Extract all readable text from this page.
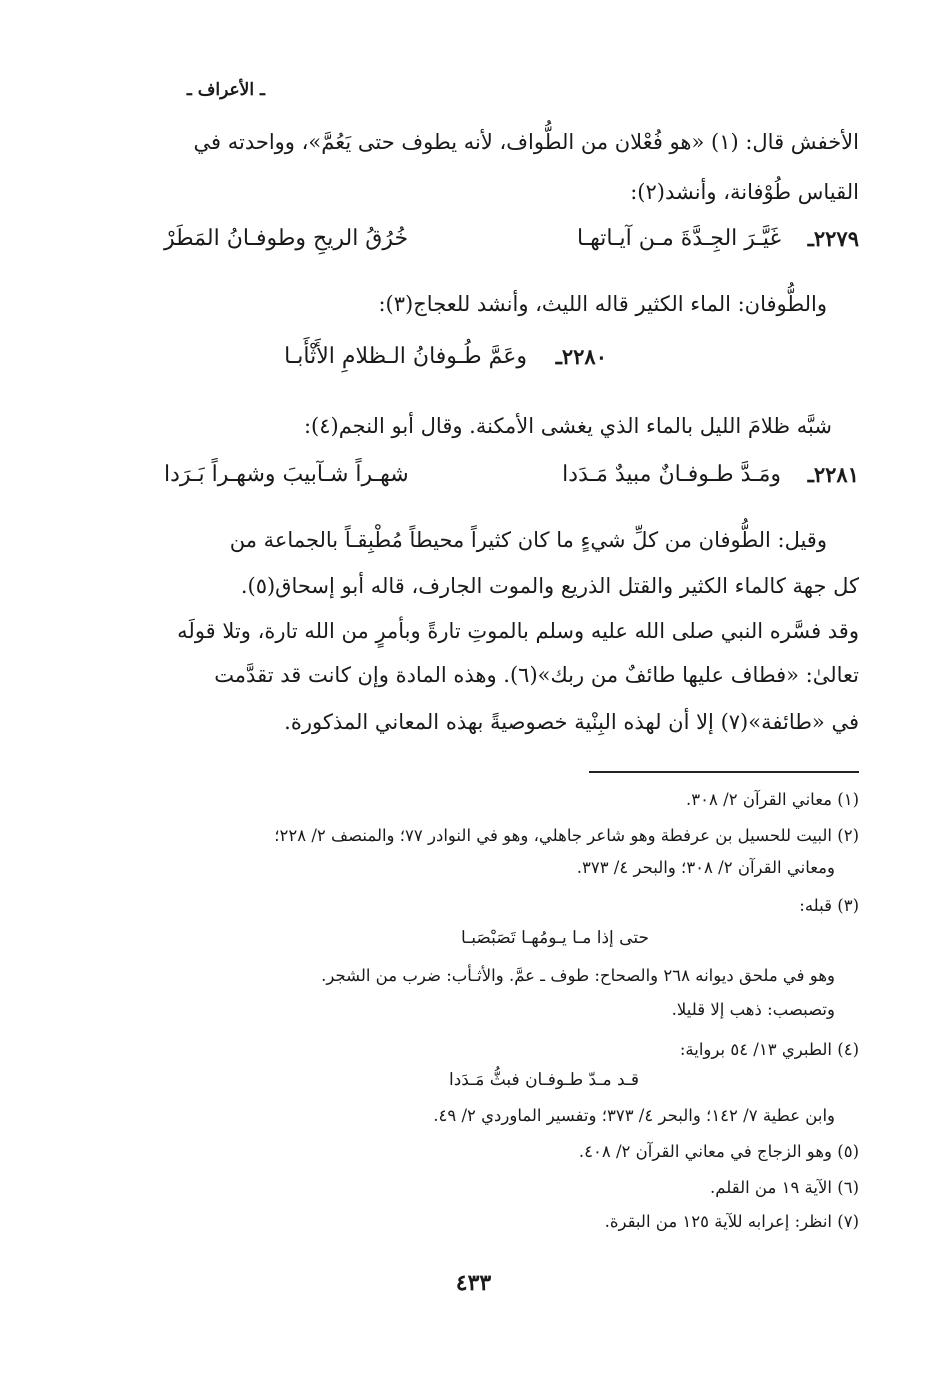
ـ الأعراف ـ
الأخفش قال: (١) «هو فُعْلان من الطُّواف، لأنه يطوف حتى يَعُمَّ»، وواحدته في
القياس طُوْفانة، وأنشد(٢):
٢٢٧٩ـ
غَيَّـرَ الجِـدَّةَ مـن آيـاتهـا
خُرُقُ الريحِ وطوفـانُ المَطَرْ
والطُّوفان: الماء الكثير قاله الليث، وأنشد للعجاج(٣):
٢٢٨٠ـ
وعَمَّ طُـوفانُ الـظلامِ الأَثْأَبـا
شبَّه ظلامَ الليل بالماء الذي يغشى الأمكنة. وقال أبو النجم(٤):
٢٢٨١ـ
ومَـدَّ طـوفـانٌ مبيدٌ مَـدَدا
شهـراً شـآبيبَ وشهـراً بَـرَدا
وقيل: الطُّوفان من كلِّ شيءٍ ما كان كثيراً محيطاً مُطْبِقـاً بالجماعة من
كل جهة كالماء الكثير والقتل الذريع والموت الجارف، قاله أبو إسحاق(٥).
وقد فسَّره النبي صلى الله عليه وسلم بالموتِ تارةً وبأمرٍ من الله تارة، وتلا قولَه
تعالىٰ: «فطاف عليها طائفٌ من ربك»(٦). وهذه المادة وإن كانت قد تقدَّمت
في «طائفة»(٧) إلا أن لهذه البِنْية خصوصيةً بهذه المعاني المذكورة.
(١) معاني القرآن ٢/ ٣٠٨.
(٢) البيت للحسيل بن عرفطة وهو شاعر جاهلي، وهو في النوادر ٧٧؛ والمنصف ٢/ ٢٢٨؛
ومعاني القرآن ٢/ ٣٠٨؛ والبحر ٤/ ٣٧٣.
(٣) قبله:
حتى إذا مـا يـومُهـا تَصَبْصَبـا
وهو في ملحق ديوانه ٢٦٨ والصحاح: طوف ـ عمَّ. والأثـأب: ضرب من الشجر.
وتصبصب: ذهب إلا قليلا.
(٤) الطبري ١٣/ ٥٤ برواية:
قـد مـدّ طـوفـان فبثُّ مَـدَدا
وابن عطية ٧/ ١٤٢؛ والبحر ٤/ ٣٧٣؛ وتفسير الماوردي ٢/ ٤٩.
(٥) وهو الزجاج في معاني القرآن ٢/ ٤٠٨.
(٦) الآية ١٩ من القلم.
(٧) انظر: إعرابه للآية ١٢٥ من البقرة.
٤٣٣
